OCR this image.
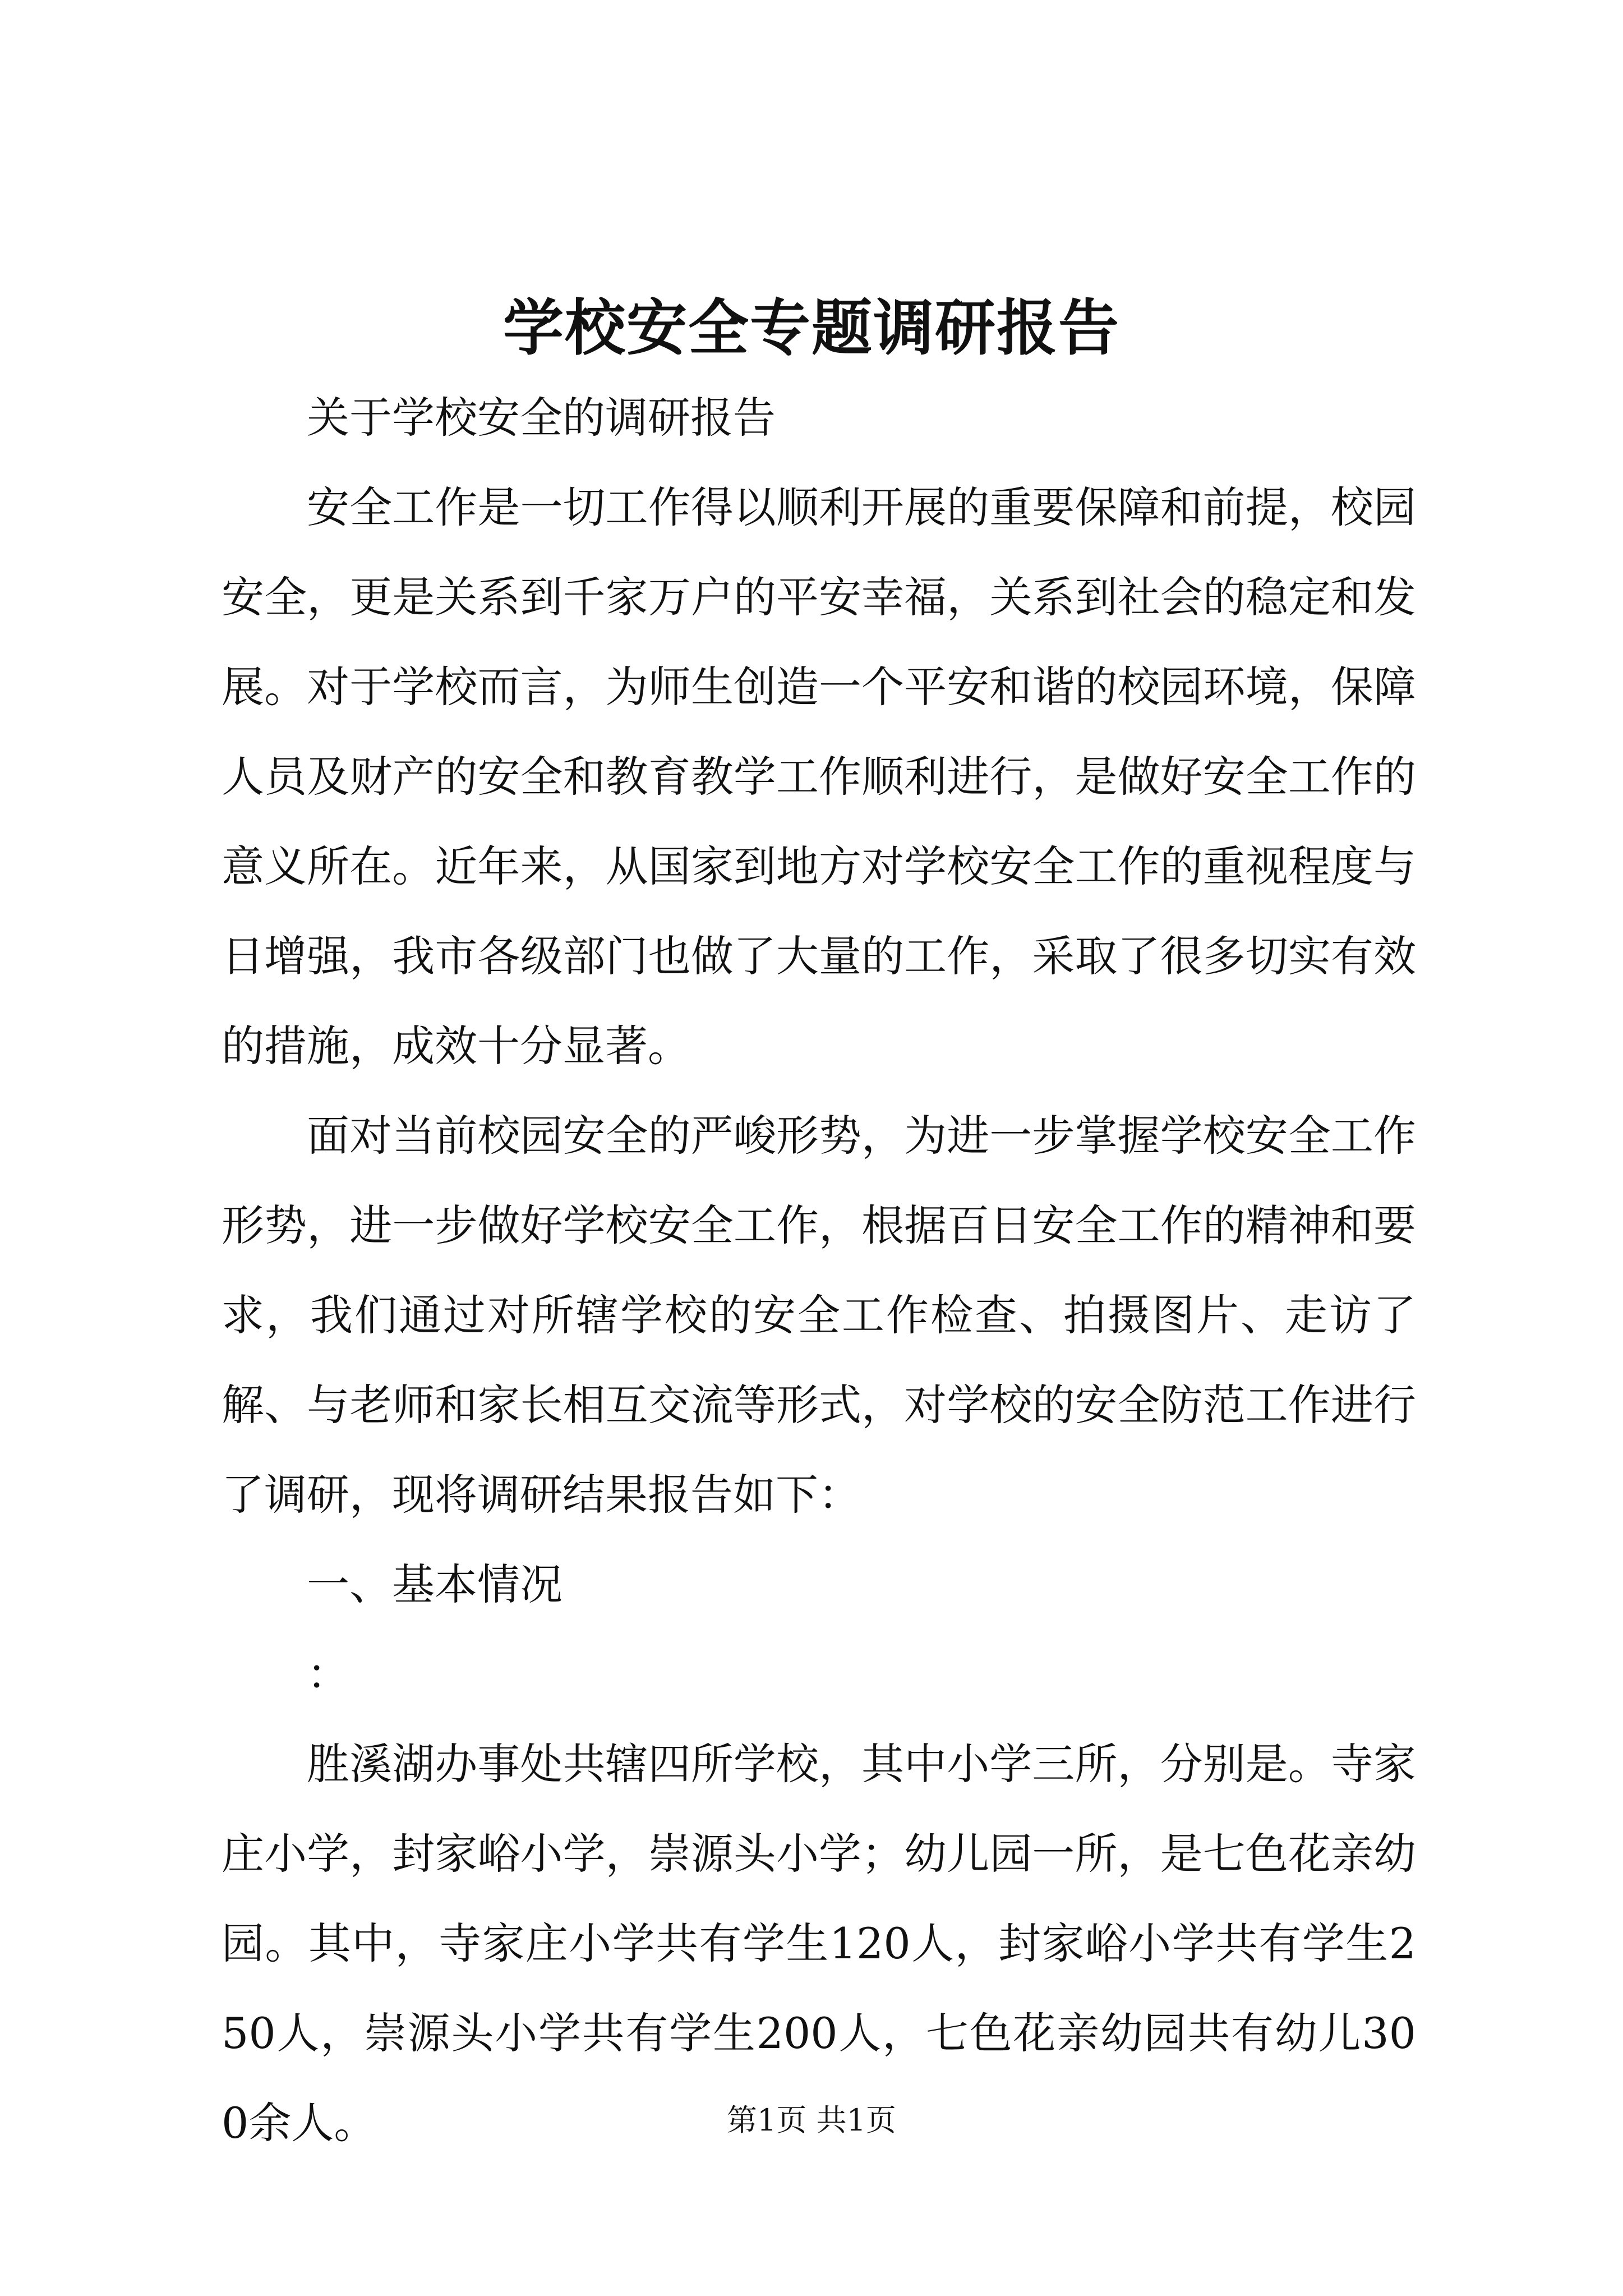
学校安全专题调研报告

关于学校安全的调研报告

安全工作是一切工作得以顺利开展的重要保障和前提，校园安全，更是关系到千家万户的平安幸福，关系到社会的稳定和发展。对于学校而言，为师生创造一个平安和谐的校园环境，保障人员及财产的安全和教育教学工作顺利进行，是做好安全工作的意义所在。近年来，从国家到地方对学校安全工作的重视程度与日增强，我市各级部门也做了大量的工作，采取了很多切实有效的措施，成效十分显著。

面对当前校园安全的严峻形势，为进一步掌握学校安全工作形势，进一步做好学校安全工作，根据百日安全工作的精神和要求，我们通过对所辖学校的安全工作检查、拍摄图片、走访了解、与老师和家长相互交流等形式，对学校的安全防范工作进行了调研，现将调研结果报告如下：

一、基本情况

：

胜溪湖办事处共辖四所学校，其中小学三所，分别是。寺家庄小学，封家峪小学，崇源头小学；幼儿园一所，是七色花亲幼园。其中，寺家庄小学共有学生120人，封家峪小学共有学生250人，崇源头小学共有学生200人，七色花亲幼园共有幼儿300余人。	第1页 共1页
